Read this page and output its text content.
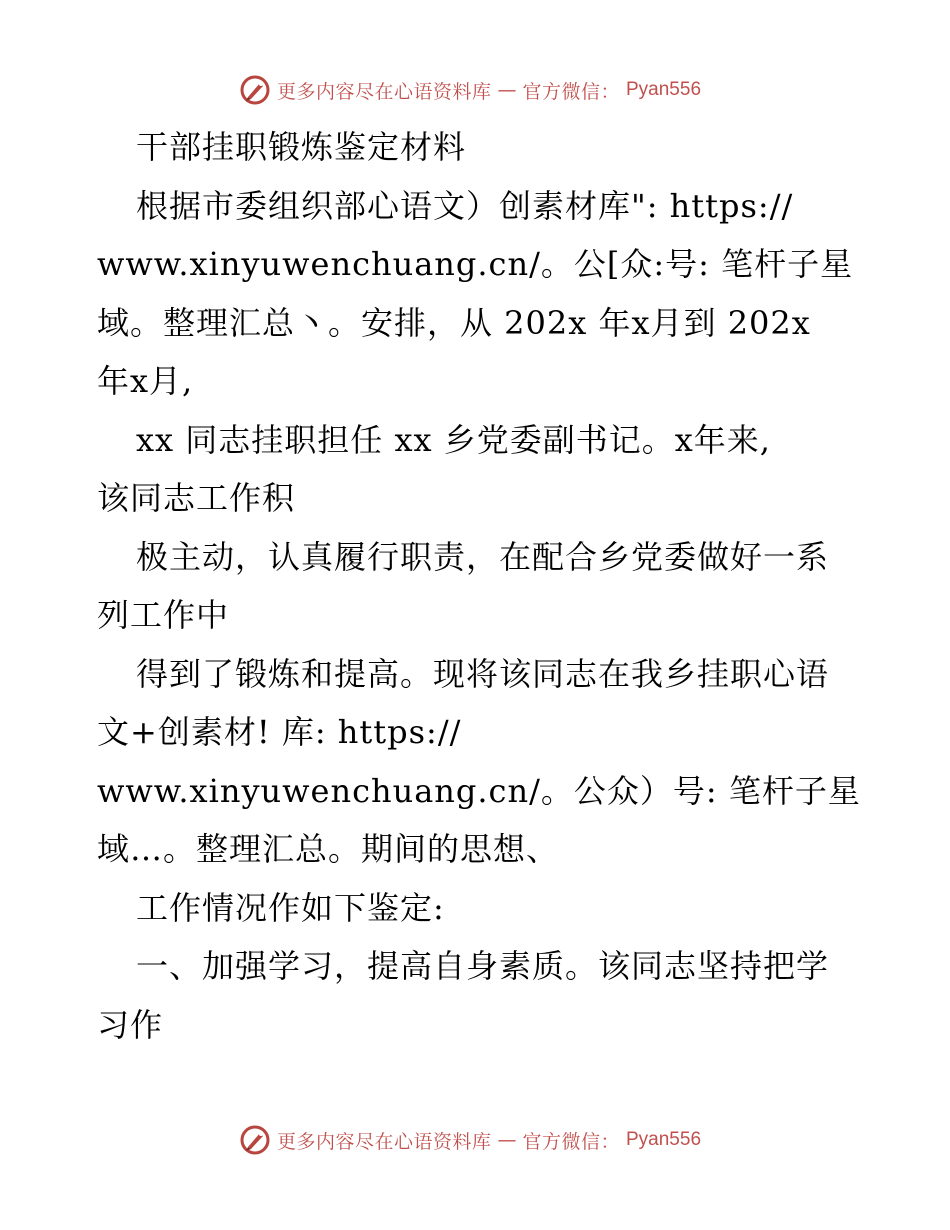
更多内容尽在心语资料库 — 官方微信： Pyan556
干部挂职锻炼鉴定材料
根据市委组织部心语文）创素材库": https://
www.xinyuwenchuang.cn/。公[众:号: 笔杆子星
域。整理汇总丶。安排，从 202x 年x月到 202x
年x月,
xx 同志挂职担任 xx 乡党委副书记。x年来,
该同志工作积
极主动，认真履行职责，在配合乡党委做好一系
列工作中
得到了锻炼和提高。现将该同志在我乡挂职心语
文+创素材! 库: https://
www.xinyuwenchuang.cn/。公众）号: 笔杆子星
域…。整理汇总。期间的思想、
工作情况作如下鉴定:
一、加强学习，提高自身素质。该同志坚持把学
习作
更多内容尽在心语资料库 — 官方微信： Pyan556
